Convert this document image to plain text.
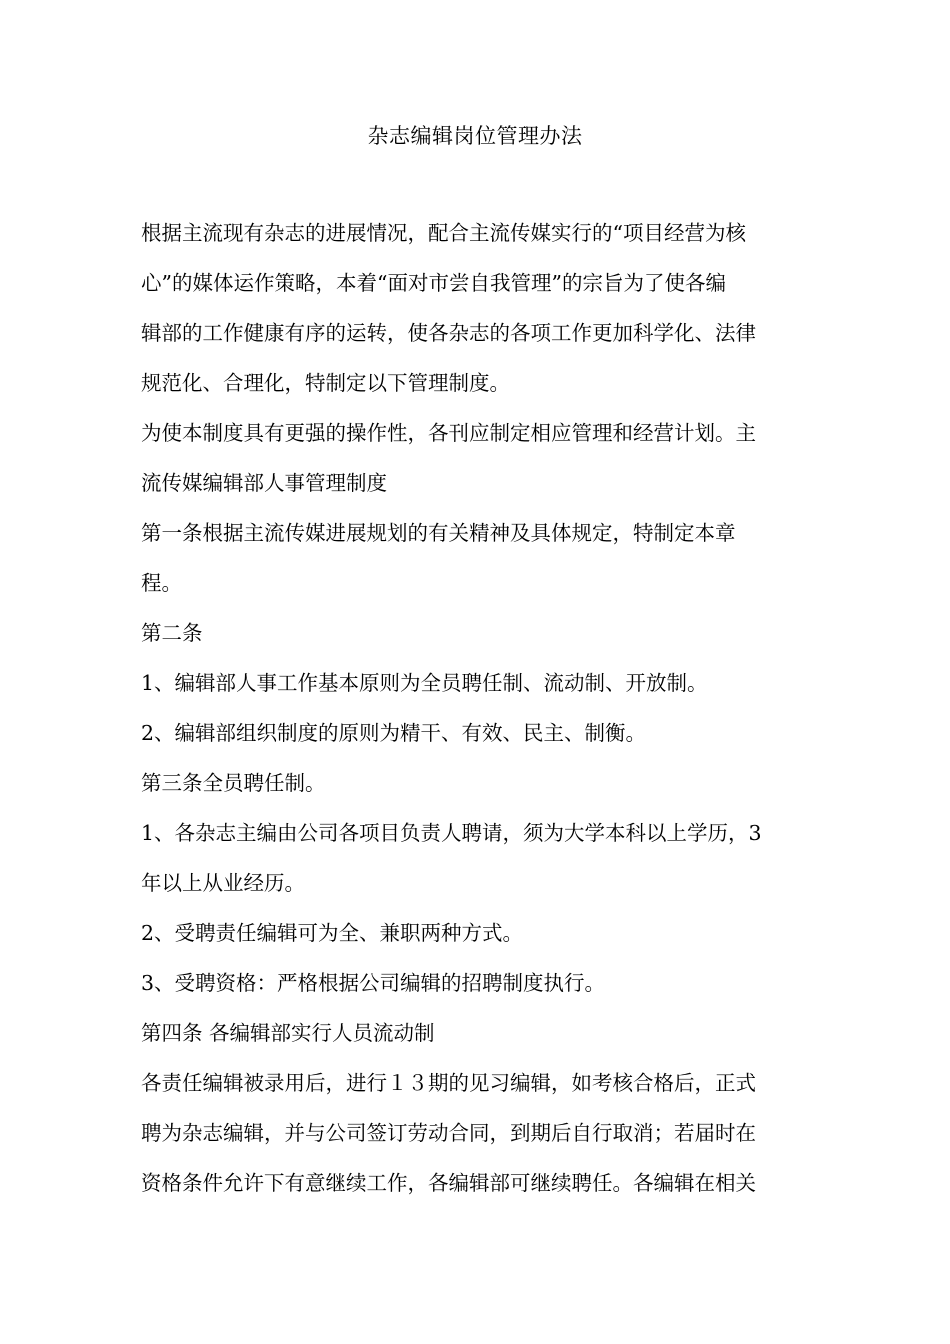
杂志编辑岗位管理办法
根据主流现有杂志的进展情况，配合主流传媒实行的“项目经营为核
心”的媒体运作策略，本着“面对市尝自我管理”的宗旨为了使各编
辑部的工作健康有序的运转，使各杂志的各项工作更加科学化、法律
规范化、合理化，特制定以下管理制度。
为使本制度具有更强的操作性，各刊应制定相应管理和经营计划。主
流传媒编辑部人事管理制度
第一条根据主流传媒进展规划的有关精神及具体规定，特制定本章
程。
第二条
1、编辑部人事工作基本原则为全员聘任制、流动制、开放制。
2、编辑部组织制度的原则为精干、有效、民主、制衡。
第三条全员聘任制。
1、各杂志主编由公司各项目负责人聘请，须为大学本科以上学历，3
年以上从业经历。
2、受聘责任编辑可为全、兼职两种方式。
3、受聘资格：严格根据公司编辑的招聘制度执行。
第四条 各编辑部实行人员流动制
各责任编辑被录用后，进行１３期的见习编辑，如考核合格后，正式
聘为杂志编辑，并与公司签订劳动合同，到期后自行取消；若届时在
资格条件允许下有意继续工作，各编辑部可继续聘任。各编辑在相关
